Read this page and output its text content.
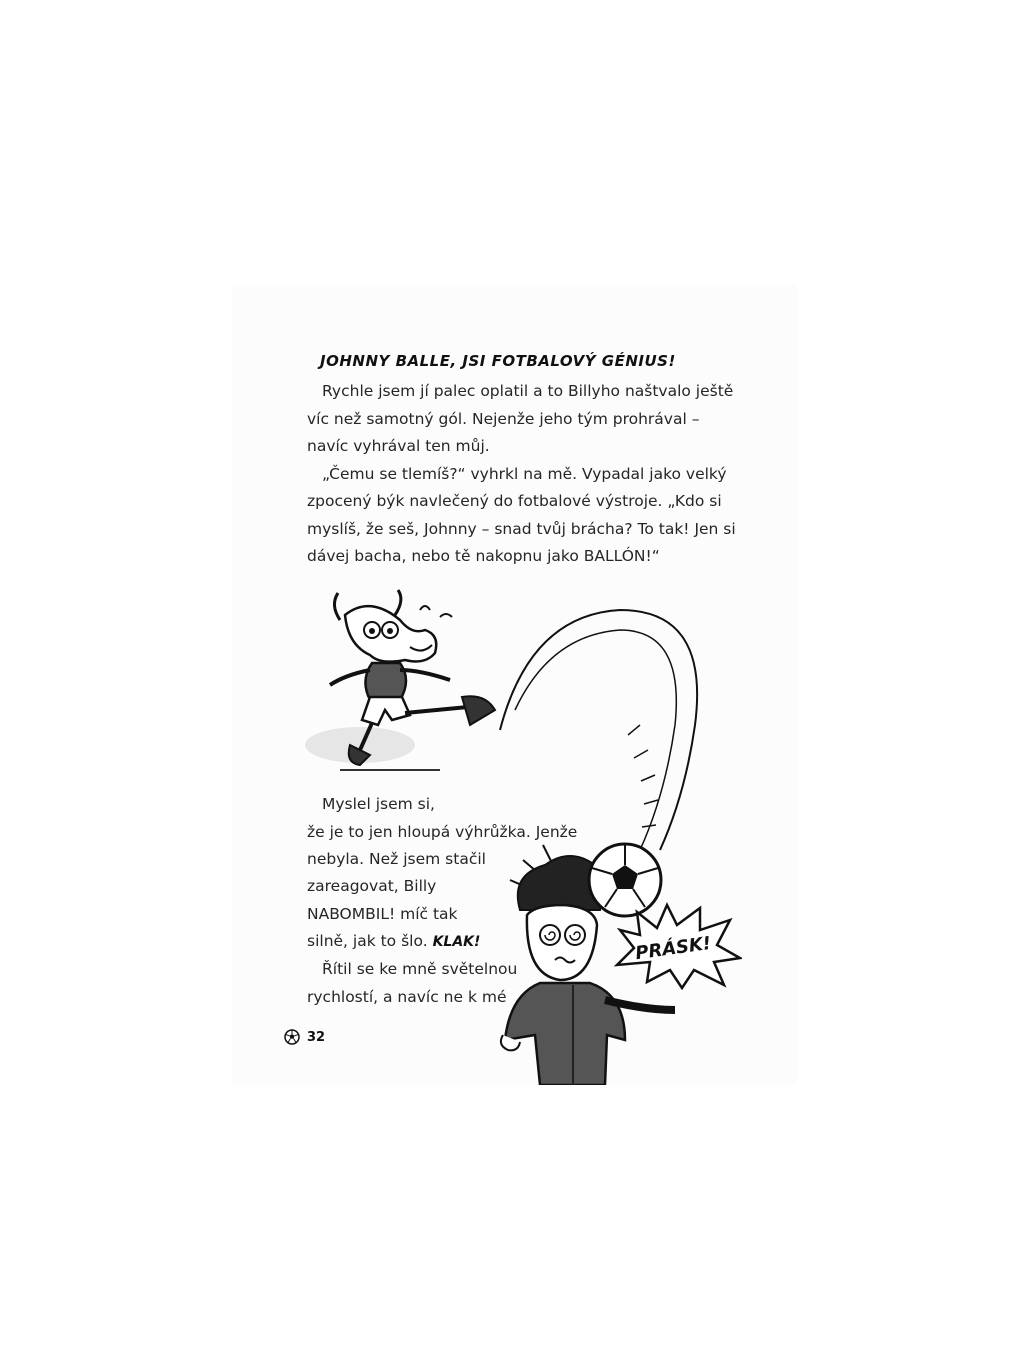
JOHNNY BALLE, JSI FOTBALOVÝ GÉNIUS!
Rychle jsem jí palec oplatil a to Billyho naštvalo ještě
víc než samotný gól. Nejenže jeho tým prohrával –
navíc vyhrával ten můj.
„Čemu se tlemíš?“ vyhrkl na mě. Vypadal jako velký
zpocený býk navlečený do fotbalové výstroje. „Kdo si
myslíš, že seš, Johnny – snad tvůj brácha? To tak! Jen si
dávej bacha, nebo tě nakopnu jako BALLÓN!“
Myslel jsem si,
že je to jen hloupá výhrůžka. Jenže
nebyla. Než jsem stačil
zareagovat, Billy
NABOMBIL! míč tak
silně, jak to šlo. KLAK!
Řítil se ke mně světelnou
rychlostí, a navíc ne k mé
PRÁSK!
32
